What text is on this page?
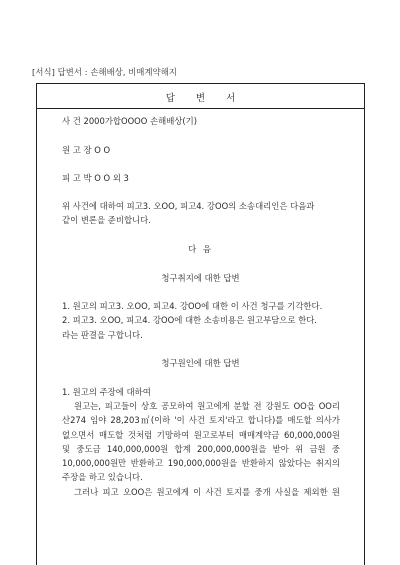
[서식] 답변서 : 손해배상, 비매계약해지
답 변 서
사 건 2000가합OOOO 손해배상(기)
원 고 장 O O
피 고 박 O O 외 3
위 사건에 대하여 피고3. 오OO, 피고4. 강OO의 소송대리인은 다음과
같이 변론을 준비합니다.
다 음
청구취지에 대한 답변
1. 원고의 피고3. 오OO, 피고4. 강OO에 대한 이 사건 청구를 기각한다.
2. 피고3. 오OO, 피고4. 강OO에 대한 소송비용은 원고부담으로 한다.
라는 판결을 구합니다.
청구원인에 대한 답변
1. 원고의 주장에 대하여
원고는, 피고들이 상호 공모하여 원고에게 분할 전 강원도 OO읍 OO리
산274 임야 28,203㎡(이하 '이 사건 토지'라고 합니다)를 매도할 의사가
없으면서 매도할 것처럼 기망하여 원고로부터 매매계약금 60,000,000원
및 중도금 140,000,000원 합계 200,000,000원을 받아 위 금원 중
10,000,000원만 반환하고 190,000,000원을 반환하지 않았다는 취지의
주장을 하고 있습니다.
그러나 피고 오OO은 원고에게 이 사건 토지를 중개 사실을 제외한 원
